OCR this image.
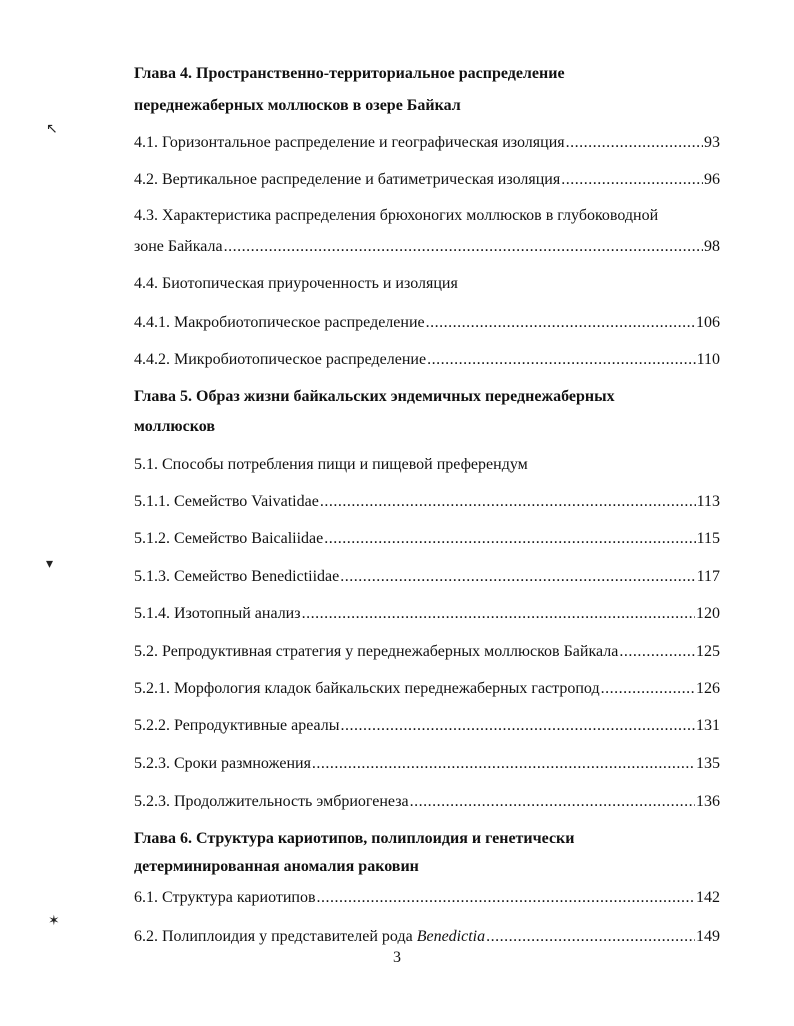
Глава 4. Пространственно-территориальное распределение
переднежаберных моллюсков в озере Байкал
4.1. Горизонтальное распределение и географическая изоляция .....	93
4.2. Вертикальное распределение и батиметрическая изоляция .....	96
4.3. Характеристика распределения брюхоногих моллюсков в глубоководной
зоне Байкала .....	98
4.4. Биотопическая приуроченность и изоляция
4.4.1. Макробиотопическое распределение .....	106
4.4.2. Микробиотопическое распределение .....	110
Глава 5. Образ жизни байкальских эндемичных переднежаберных
моллюсков
5.1. Способы потребления пищи и пищевой преферендум
5.1.1. Семейство Vaivatidae .....	113
5.1.2. Семейство Baicaliidae .....	115
5.1.3. Семейство Benedictiidae .....	117
5.1.4. Изотопный анализ .....	120
5.2. Репродуктивная стратегия у переднежаберных моллюсков Байкала .....	125
5.2.1. Морфология кладок байкальских переднежаберных гастропод .....	126
5.2.2. Репродуктивные ареалы .....	131
5.2.3. Сроки размножения .....	135
5.2.3. Продолжительность эмбриогенеза .....	136
Глава 6. Структура кариотипов, полиплоидия и генетически
детерминированная аномалия раковин
6.1. Структура кариотипов .....	142
6.2. Полиплоидия у представителей рода Benedictia .....	149
3
↖
▾
✶
